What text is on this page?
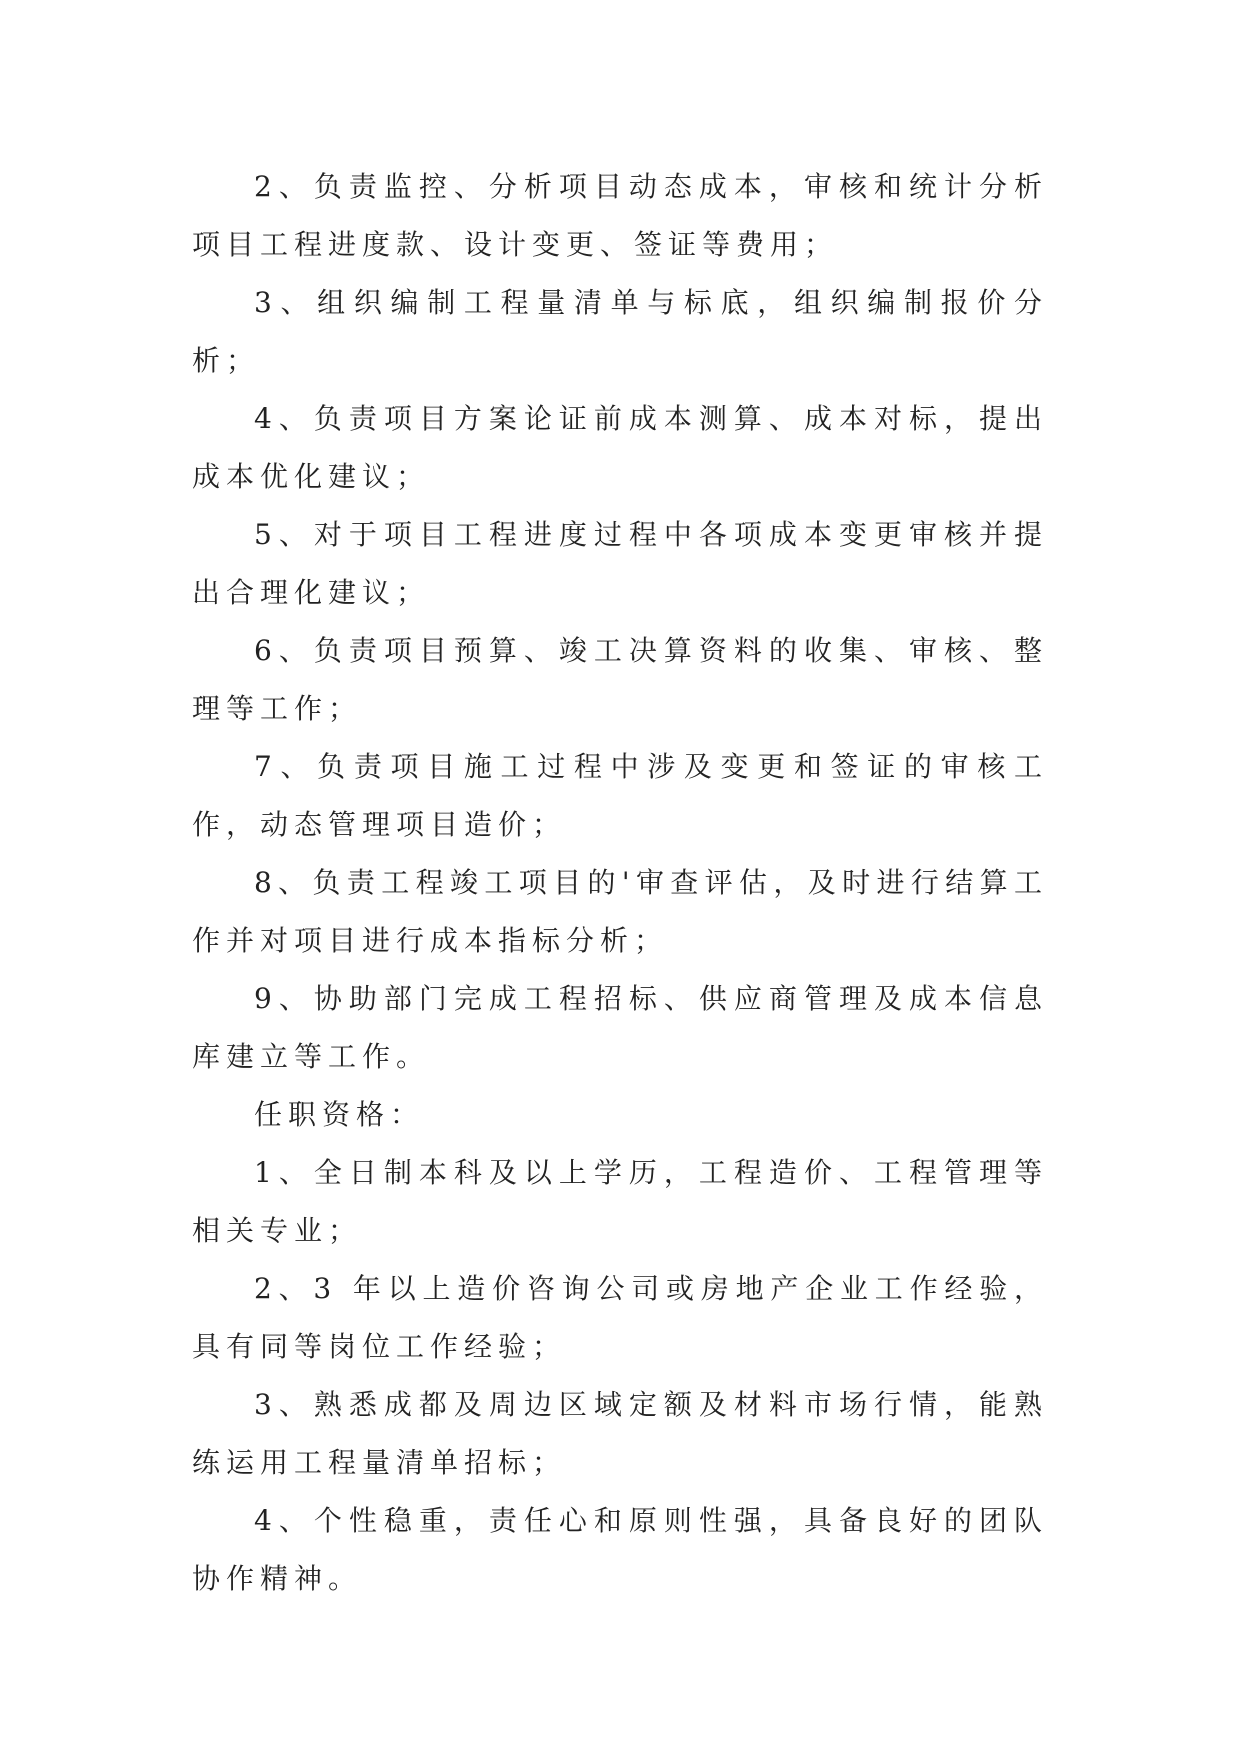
2、负责监控、分析项目动态成本，审核和统计分析项目工程进度款、设计变更、签证等费用；

3、组织编制工程量清单与标底，组织编制报价分析；

4、负责项目方案论证前成本测算、成本对标，提出成本优化建议；

5、对于项目工程进度过程中各项成本变更审核并提出合理化建议；

6、负责项目预算、竣工决算资料的收集、审核、整理等工作；

7、负责项目施工过程中涉及变更和签证的审核工作，动态管理项目造价；

8、负责工程竣工项目的'审查评估，及时进行结算工作并对项目进行成本指标分析；

9、协助部门完成工程招标、供应商管理及成本信息库建立等工作。

任职资格：

1、全日制本科及以上学历，工程造价、工程管理等相关专业；

2、3 年以上造价咨询公司或房地产企业工作经验，具有同等岗位工作经验；

3、熟悉成都及周边区域定额及材料市场行情，能熟练运用工程量清单招标；

4、个性稳重，责任心和原则性强，具备良好的团队协作精神。
